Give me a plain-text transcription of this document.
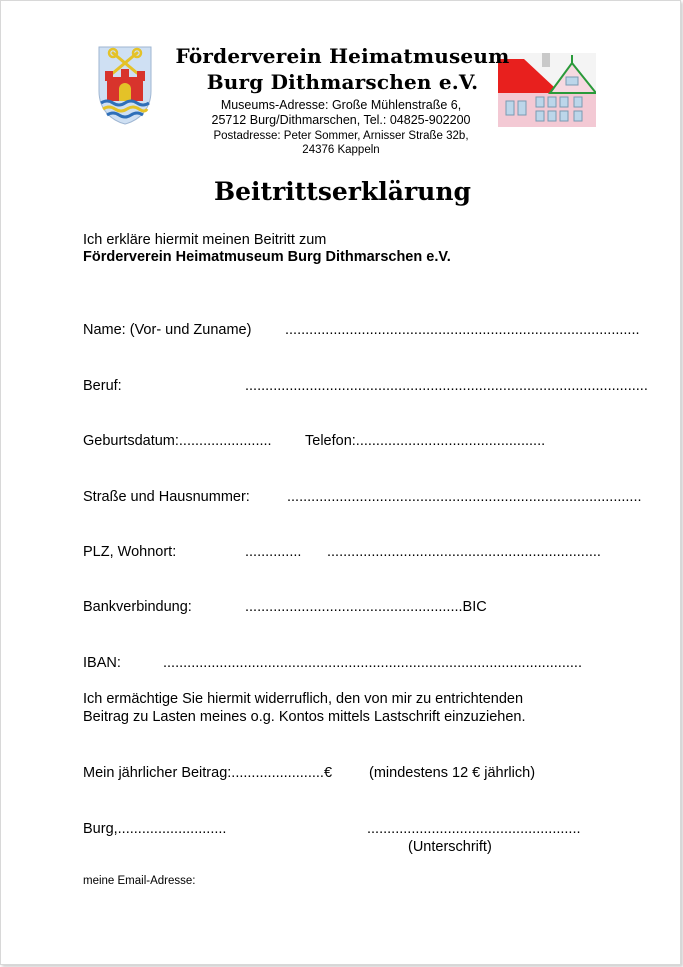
Förderverein Heimatmuseum
Burg Dithmarschen e.V.
Museums-Adresse: Große Mühlenstraße 6,
25712 Burg/Dithmarschen, Tel.: 04825-902200
Postadresse: Peter Sommer, Arnisser Straße 32b,
24376 Kappeln
Beitrittserklärung
Ich erkläre hiermit meinen Beitritt zum
Förderverein Heimatmuseum Burg Dithmarschen e.V.
Name: (Vor- und Zuname) ........................................................................................
Beruf:	....................................................................................................
Geburtsdatum:....................... Telefon:...............................................
Straße und Hausnummer:	........................................................................................
PLZ, Wohnort:	.............. ....................................................................
Bankverbindung:	......................................................BIC
IBAN:	........................................................................................................
Ich ermächtige Sie hiermit widerruflich, den von mir zu entrichtenden
Beitrag zu Lasten meines o.g. Kontos mittels Lastschrift einzuziehen.
Mein jährlicher Beitrag:.......................€	(mindestens 12 € jährlich)
Burg,...........................	.....................................................
(Unterschrift)
meine Email-Adresse:
